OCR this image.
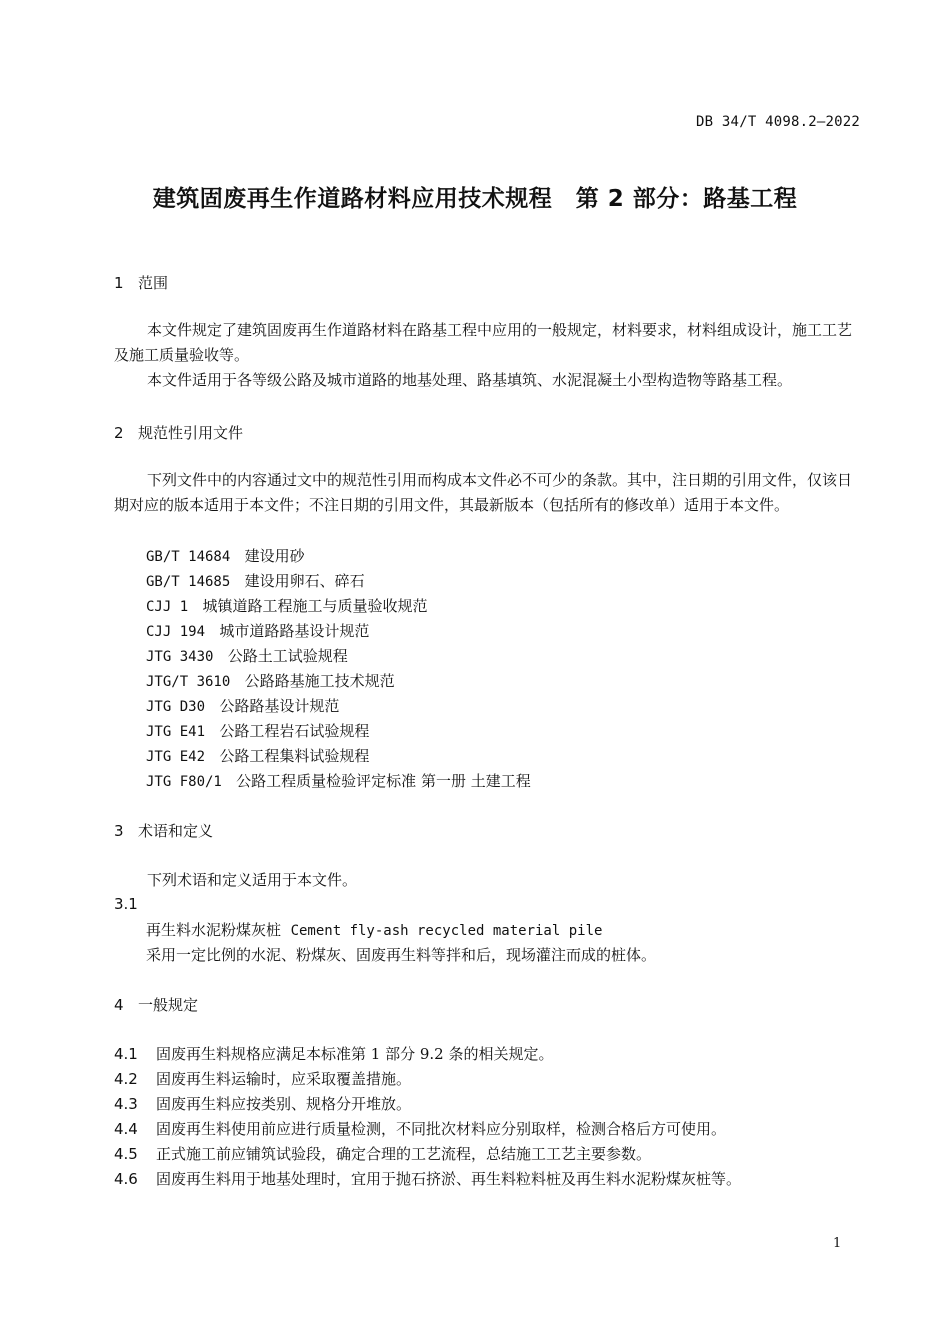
DB 34/T 4098.2—2022
建筑固废再生作道路材料应用技术规程　第 2 部分：路基工程
1 范围
本文件规定了建筑固废再生作道路材料在路基工程中应用的一般规定，材料要求，材料组成设计，施工工艺及施工质量验收等。
本文件适用于各等级公路及城市道路的地基处理、路基填筑、水泥混凝土小型构造物等路基工程。
2 规范性引用文件
下列文件中的内容通过文中的规范性引用而构成本文件必不可少的条款。其中，注日期的引用文件，仅该日期对应的版本适用于本文件；不注日期的引用文件，其最新版本（包括所有的修改单）适用于本文件。
GB/T 14684 建设用砂
GB/T 14685 建设用卵石、碎石
CJJ 1 城镇道路工程施工与质量验收规范
CJJ 194 城市道路路基设计规范
JTG 3430 公路土工试验规程
JTG/T 3610 公路路基施工技术规范
JTG D30 公路路基设计规范
JTG E41 公路工程岩石试验规程
JTG E42 公路工程集料试验规程
JTG F80/1 公路工程质量检验评定标准 第一册 土建工程
3 术语和定义
下列术语和定义适用于本文件。
3.1
再生料水泥粉煤灰桩 Cement fly-ash recycled material pile
采用一定比例的水泥、粉煤灰、固废再生料等拌和后，现场灌注而成的桩体。
4 一般规定
4.1 固废再生料规格应满足本标准第 1 部分 9.2 条的相关规定。
4.2 固废再生料运输时，应采取覆盖措施。
4.3 固废再生料应按类别、规格分开堆放。
4.4 固废再生料使用前应进行质量检测，不同批次材料应分别取样，检测合格后方可使用。
4.5 正式施工前应铺筑试验段，确定合理的工艺流程，总结施工工艺主要参数。
4.6 固废再生料用于地基处理时，宜用于抛石挤淤、再生料粒料桩及再生料水泥粉煤灰桩等。
1
